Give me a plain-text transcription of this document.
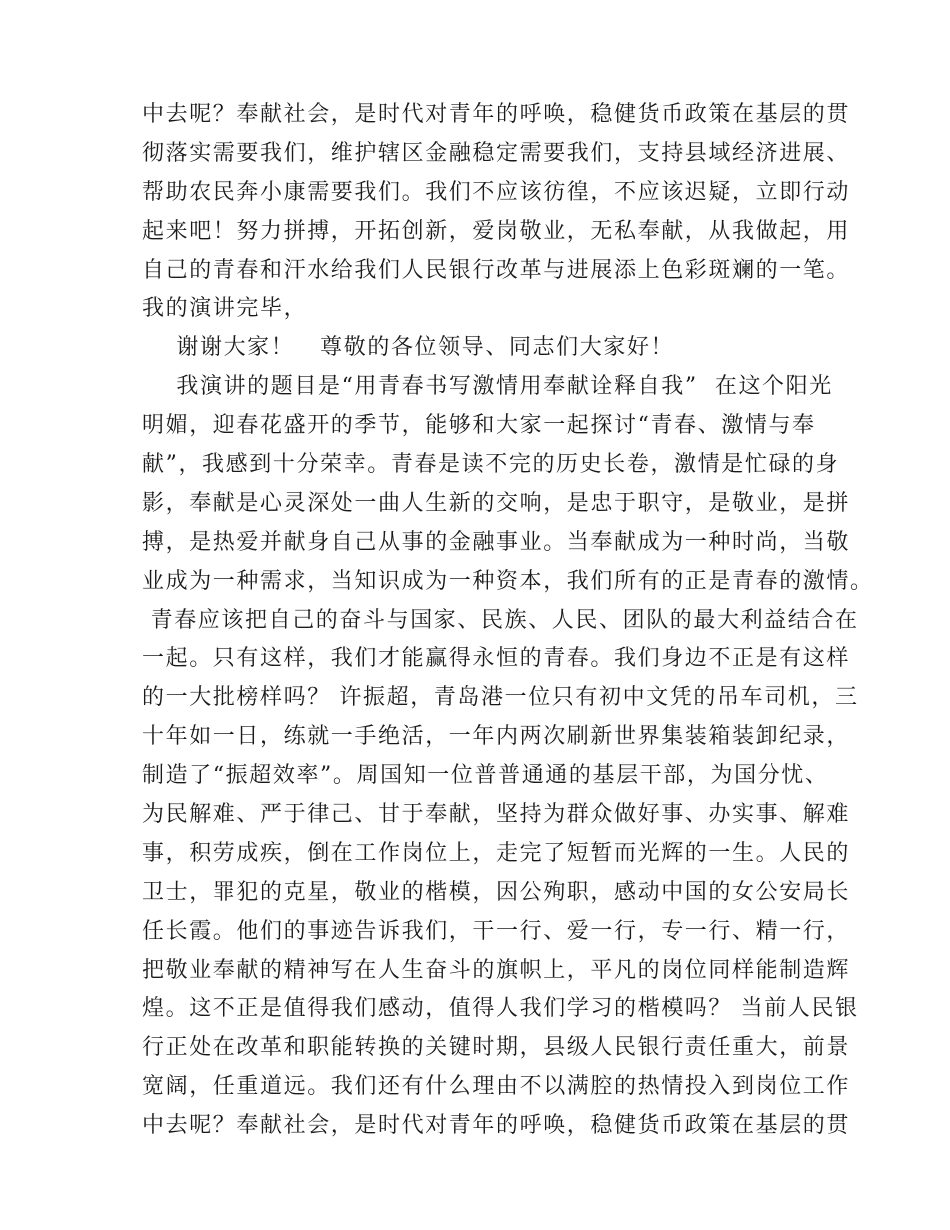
中去呢？奉献社会，是时代对青年的呼唤，稳健货币政策在基层的贯
彻落实需要我们，维护辖区金融稳定需要我们，支持县域经济进展、
帮助农民奔小康需要我们。我们不应该彷徨，不应该迟疑，立即行动
起来吧！努力拼搏，开拓创新，爱岗敬业，无私奉献，从我做起，用
自己的青春和汗水给我们人民银行改革与进展添上色彩斑斓的一笔。
我的演讲完毕，
谢谢大家！   尊敬的各位领导、同志们大家好！
我演讲的题目是“用青春书写激情用奉献诠释自我”  在这个阳光
明媚，迎春花盛开的季节，能够和大家一起探讨“青春、激情与奉
献”，我感到十分荣幸。青春是读不完的历史长卷，激情是忙碌的身
影，奉献是心灵深处一曲人生新的交响，是忠于职守，是敬业，是拼
搏，是热爱并献身自己从事的金融事业。当奉献成为一种时尚，当敬
业成为一种需求，当知识成为一种资本，我们所有的正是青春的激情。
青春应该把自己的奋斗与国家、民族、人民、团队的最大利益结合在
一起。只有这样，我们才能赢得永恒的青春。我们身边不正是有这样
的一大批榜样吗？ 许振超，青岛港一位只有初中文凭的吊车司机，三
十年如一日，练就一手绝活，一年内两次刷新世界集装箱装卸纪录，
制造了“振超效率”。周国知一位普普通通的基层干部，为国分忧、
为民解难、严于律己、甘于奉献，坚持为群众做好事、办实事、解难
事，积劳成疾，倒在工作岗位上，走完了短暂而光辉的一生。人民的
卫士，罪犯的克星，敬业的楷模，因公殉职，感动中国的女公安局长
任长霞。他们的事迹告诉我们，干一行、爱一行，专一行、精一行，
把敬业奉献的精神写在人生奋斗的旗帜上，平凡的岗位同样能制造辉
煌。这不正是值得我们感动，值得人我们学习的楷模吗？ 当前人民银
行正处在改革和职能转换的关键时期，县级人民银行责任重大，前景
宽阔，任重道远。我们还有什么理由不以满腔的热情投入到岗位工作
中去呢？奉献社会，是时代对青年的呼唤，稳健货币政策在基层的贯
